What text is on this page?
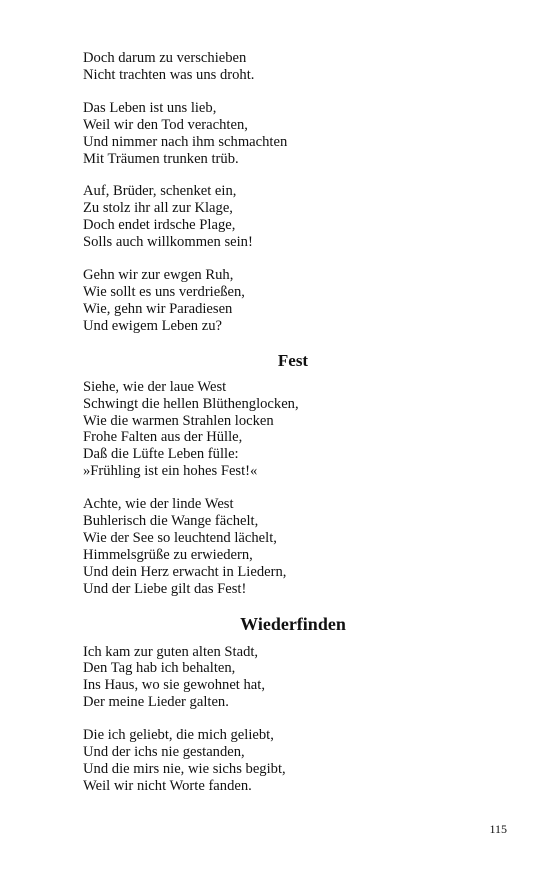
Doch darum zu verschieben
Nicht trachten was uns droht.
Das Leben ist uns lieb,
Weil wir den Tod verachten,
Und nimmer nach ihm schmachten
Mit Träumen trunken trüb.
Auf, Brüder, schenket ein,
Zu stolz ihr all zur Klage,
Doch endet irdsche Plage,
Solls auch willkommen sein!
Gehn wir zur ewgen Ruh,
Wie sollt es uns verdrießen,
Wie, gehn wir Paradiesen
Und ewigem Leben zu?
Fest
Siehe, wie der laue West
Schwingt die hellen Blüthenglocken,
Wie die warmen Strahlen locken
Frohe Falten aus der Hülle,
Daß die Lüfte Leben fülle:
»Frühling ist ein hohes Fest!«
Achte, wie der linde West
Buhlerisch die Wange fächelt,
Wie der See so leuchtend lächelt,
Himmelsgrüße zu erwiedern,
Und dein Herz erwacht in Liedern,
Und der Liebe gilt das Fest!
Wiederfinden
Ich kam zur guten alten Stadt,
Den Tag hab ich behalten,
Ins Haus, wo sie gewohnet hat,
Der meine Lieder galten.
Die ich geliebt, die mich geliebt,
Und der ichs nie gestanden,
Und die mirs nie, wie sichs begibt,
Weil wir nicht Worte fanden.
115
